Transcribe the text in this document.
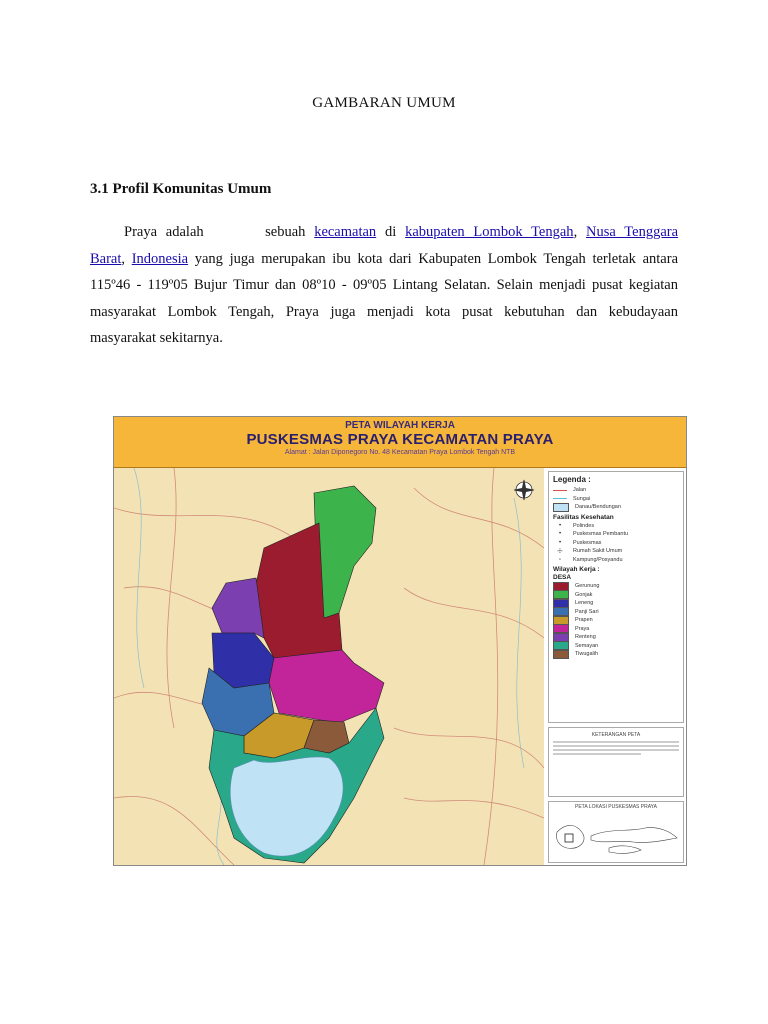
GAMBARAN UMUM
3.1 Profil Komunitas Umum
Praya adalah	sebuah kecamatan di kabupaten Lombok Tengah, Nusa Tenggara
Barat, Indonesia yang juga merupakan ibu kota dari Kabupaten Lombok Tengah terletak antara
115º46 - 119º05 Bujur Timur dan 08º10 - 09º05 Lintang Selatan. Selain menjadi pusat kegiatan
masyarakat Lombok Tengah, Praya juga menjadi kota pusat kebutuhan dan kebudayaan
masyarakat sekitarnya.
PETA WILAYAH KERJA
PUSKESMAS PRAYA KECAMATAN PRAYA
Alamat : Jalan Diponegoro No. 48 Kecamatan Praya Lombok Tengah NTB
Legenda :
Jalan
Sungai
Danau/Bendungan
Fasilitas Kesehatan
•	Polindes
•	Puskesmas Pembantu
•	Puskesmas
☩	Rumah Sakit Umum
▫	Kampung/Posyandu
Wilayah Kerja :
DESA
Gerunung
Gonjak
Leneng
Panji Sari
Prapen
Praya
Renteng
Semayan
Tiwugalih
KETERANGAN PETA
PETA LOKASI PUSKESMAS PRAYA
